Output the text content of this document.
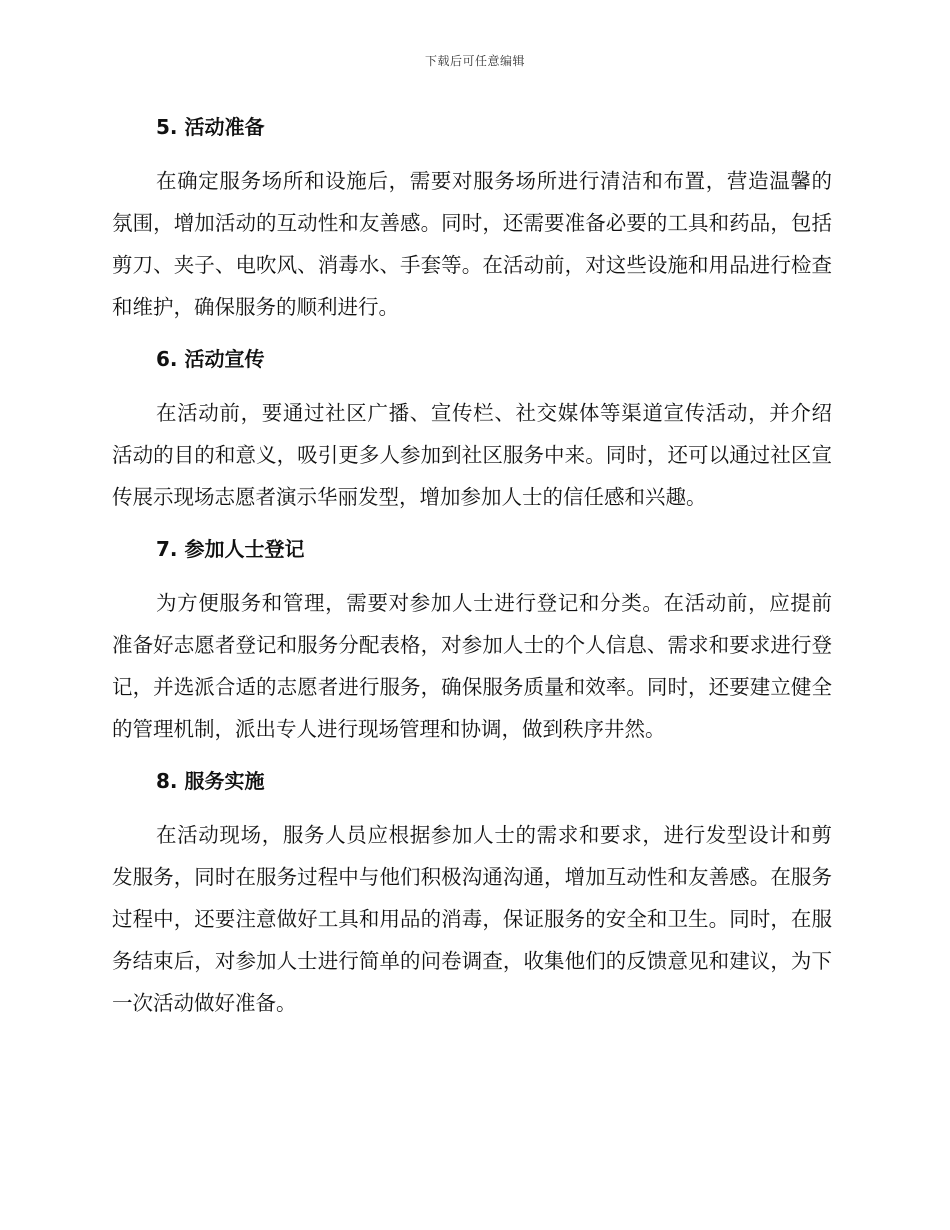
下载后可任意编辑
5. 活动准备

在确定服务场所和设施后，需要对服务场所进行清洁和布置，营造温馨的氛围，增加活动的互动性和友善感。同时，还需要准备必要的工具和药品，包括剪刀、夹子、电吹风、消毒水、手套等。在活动前，对这些设施和用品进行检查和维护，确保服务的顺利进行。

6. 活动宣传

在活动前，要通过社区广播、宣传栏、社交媒体等渠道宣传活动，并介绍活动的目的和意义，吸引更多人参加到社区服务中来。同时，还可以通过社区宣传展示现场志愿者演示华丽发型，增加参加人士的信任感和兴趣。

7. 参加人士登记

为方便服务和管理，需要对参加人士进行登记和分类。在活动前，应提前准备好志愿者登记和服务分配表格，对参加人士的个人信息、需求和要求进行登记，并选派合适的志愿者进行服务，确保服务质量和效率。同时，还要建立健全的管理机制，派出专人进行现场管理和协调，做到秩序井然。

8. 服务实施

在活动现场，服务人员应根据参加人士的需求和要求，进行发型设计和剪发服务，同时在服务过程中与他们积极沟通沟通，增加互动性和友善感。在服务过程中，还要注意做好工具和用品的消毒，保证服务的安全和卫生。同时，在服务结束后，对参加人士进行简单的问卷调查，收集他们的反馈意见和建议，为下一次活动做好准备。
